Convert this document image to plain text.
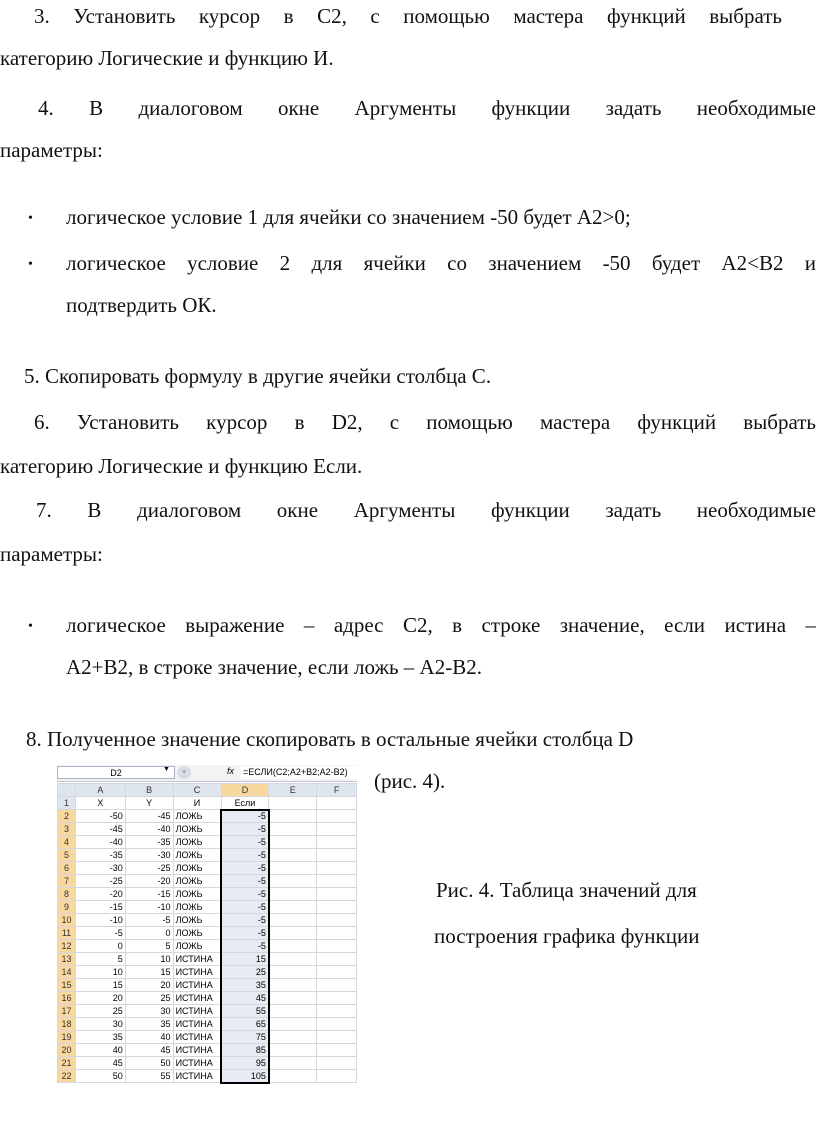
3. Установить курсор в С2, с помощью мастера функций выбрать

категорию Логические и функцию И.

4. В диалоговом окне Аргументы функции задать необходимые

параметры:

• логическое условие 1 для ячейки со значением -50 будет А2>0;

• логическое условие 2 для ячейки со значением -50 будет А2<В2 и

подтвердить ОК.

5. Скопировать формулу в другие ячейки столбца С.

6. Установить курсор в D2, с помощью мастера функций выбрать

категорию Логические и функцию Если.

7. В диалоговом окне Аргументы функции задать необходимые

параметры:

• логическое выражение – адрес С2, в строке значение, если истина –

А2+В2, в строке значение, если ложь – А2-В2.

8. Полученное значение скопировать в остальные ячейки столбца D

(рис. 4).

D2	▼	◦	fx =ЕСЛИ(C2;A2+B2;A2-B2)
	A	B	C	D	E	F
1	X	Y	И	Если		
2	-50	-45	ЛОЖЬ	-5		
3	-45	-40	ЛОЖЬ	-5		
4	-40	-35	ЛОЖЬ	-5		
5	-35	-30	ЛОЖЬ	-5		
6	-30	-25	ЛОЖЬ	-5		
7	-25	-20	ЛОЖЬ	-5		
8	-20	-15	ЛОЖЬ	-5		
9	-15	-10	ЛОЖЬ	-5		
10	-10	-5	ЛОЖЬ	-5		
11	-5	0	ЛОЖЬ	-5		
12	0	5	ЛОЖЬ	-5		
13	5	10	ИСТИНА	15		
14	10	15	ИСТИНА	25		
15	15	20	ИСТИНА	35		
16	20	25	ИСТИНА	45		
17	25	30	ИСТИНА	55		
18	30	35	ИСТИНА	65		
19	35	40	ИСТИНА	75		
20	40	45	ИСТИНА	85		
21	45	50	ИСТИНА	95		
22	50	55	ИСТИНА	105		

Рис. 4. Таблица значений для

построения графика функции
